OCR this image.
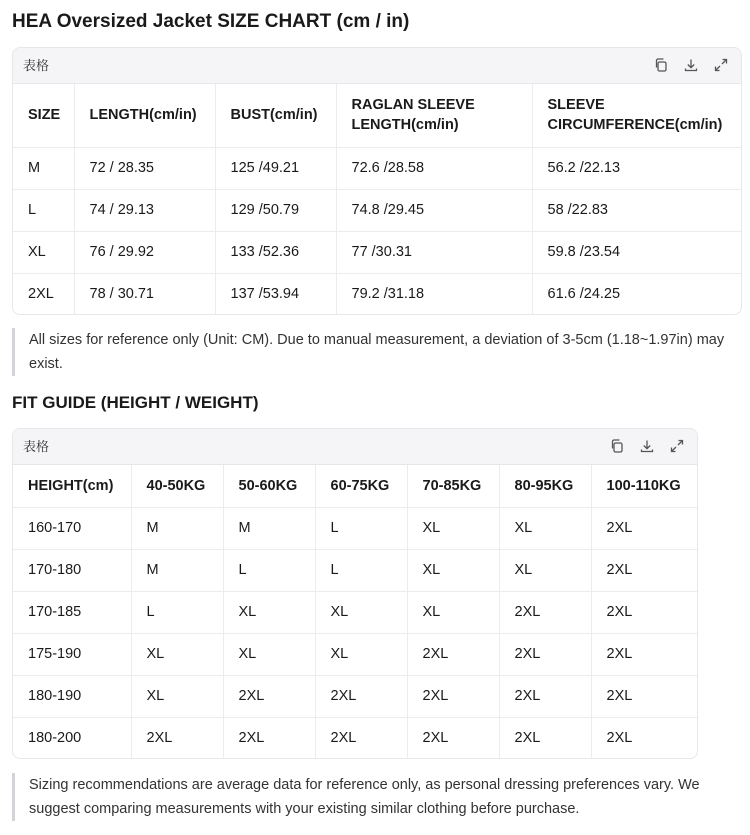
HEA Oversized Jacket SIZE CHART (cm / in)
表格
SIZE	LENGTH(cm/in)	BUST(cm/in)	RAGLAN SLEEVE LENGTH(cm/in)	SLEEVE CIRCUMFERENCE(cm/in)
M	72 / 28.35	125 /49.21	72.6 /28.58	56.2 /22.13
L	74 / 29.13	129 /50.79	74.8 /29.45	58 /22.83
XL	76 / 29.92	133 /52.36	77 /30.31	59.8 /23.54
2XL	78 / 30.71	137 /53.94	79.2 /31.18	61.6 /24.25
All sizes for reference only (Unit: CM). Due to manual measurement, a deviation of 3-5cm (1.18~1.97in) may exist.
FIT GUIDE (HEIGHT / WEIGHT)
表格
HEIGHT(cm)	40-50KG	50-60KG	60-75KG	70-85KG	80-95KG	100-110KG
160-170	M	M	L	XL	XL	2XL
170-180	M	L	L	XL	XL	2XL
170-185	L	XL	XL	XL	2XL	2XL
175-190	XL	XL	XL	2XL	2XL	2XL
180-190	XL	2XL	2XL	2XL	2XL	2XL
180-200	2XL	2XL	2XL	2XL	2XL	2XL
Sizing recommendations are average data for reference only, as personal dressing preferences vary. We suggest comparing measurements with your existing similar clothing before purchase.
